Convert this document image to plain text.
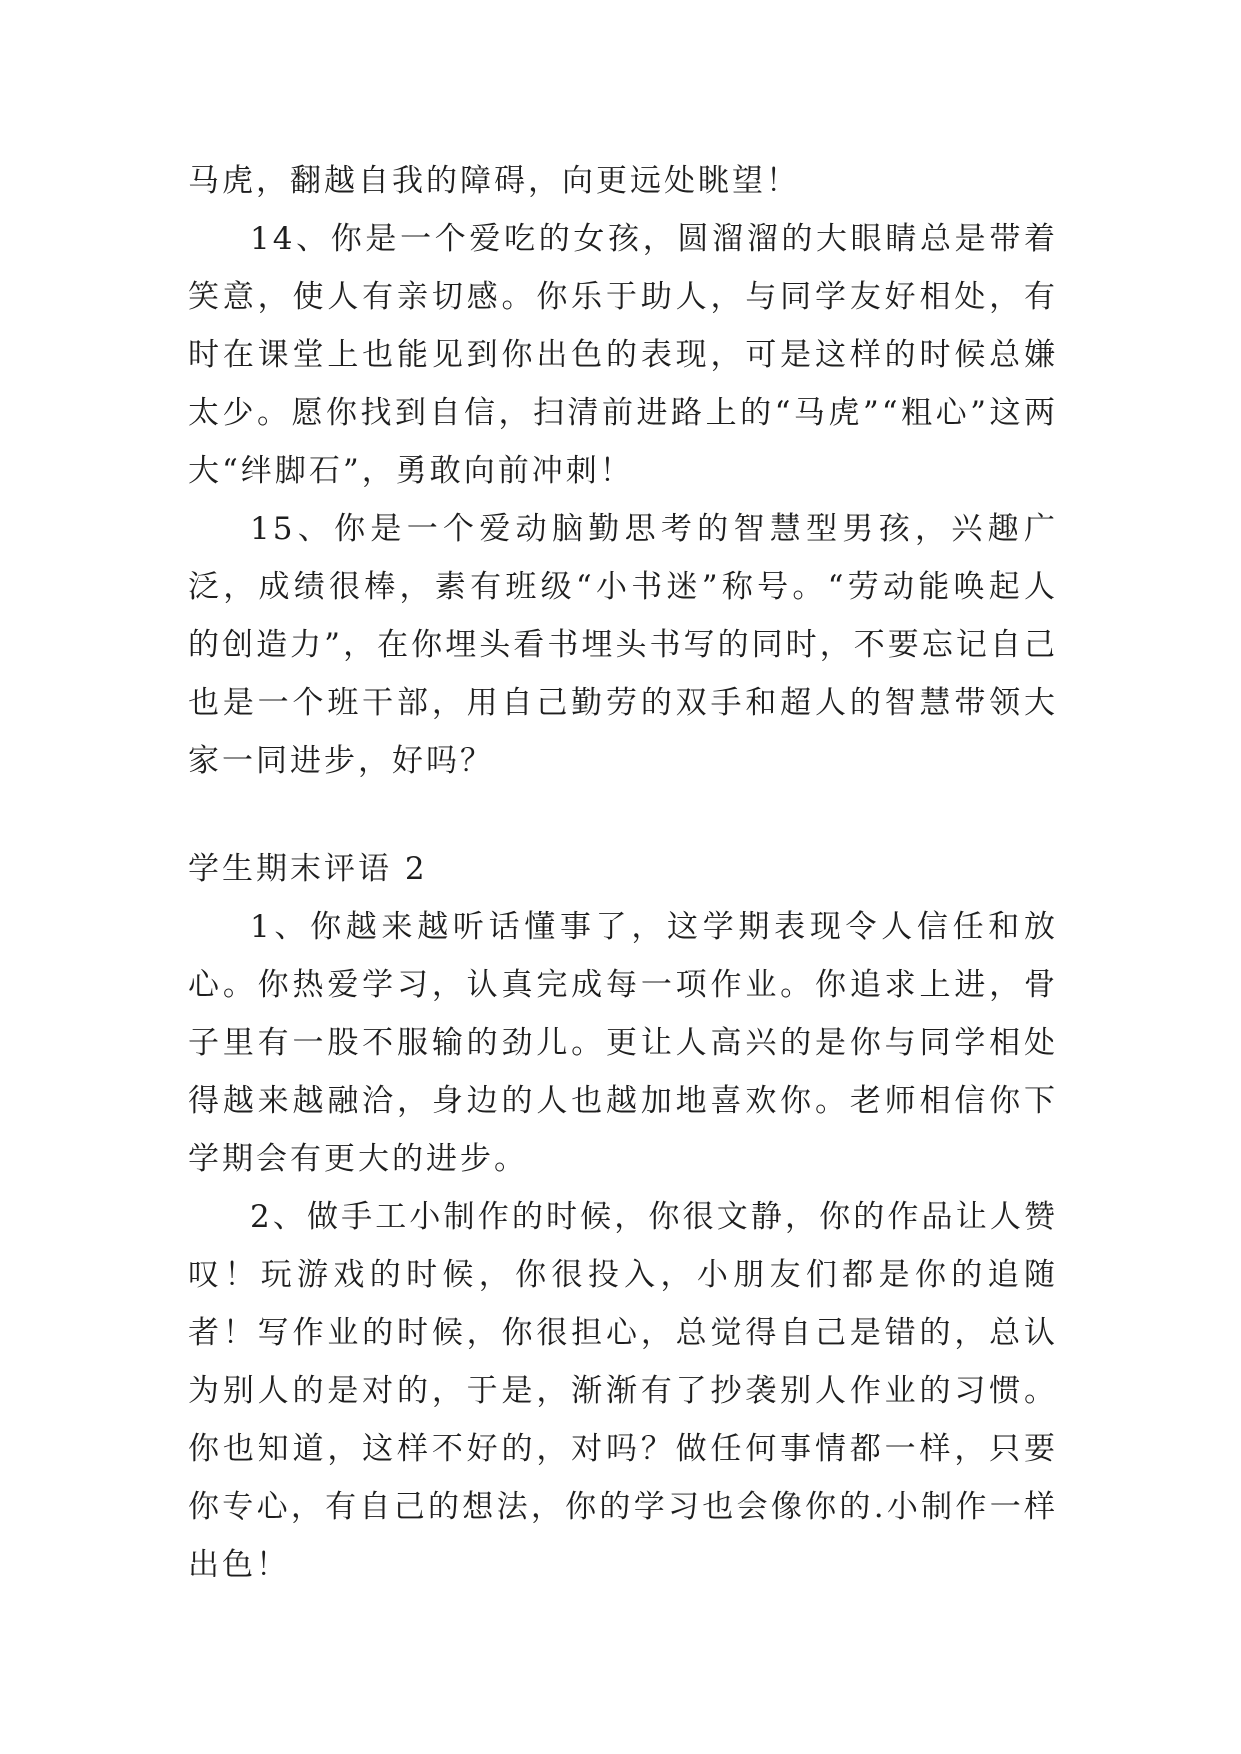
马虎，翻越自我的障碍，向更远处眺望！

14、你是一个爱吃的女孩，圆溜溜的大眼睛总是带着笑意，使人有亲切感。你乐于助人，与同学友好相处，有时在课堂上也能见到你出色的表现，可是这样的时候总嫌太少。愿你找到自信，扫清前进路上的“马虎”“粗心”这两大“绊脚石”，勇敢向前冲刺！

15、你是一个爱动脑勤思考的智慧型男孩，兴趣广泛，成绩很棒，素有班级“小书迷”称号。“劳动能唤起人的创造力”，在你埋头看书埋头书写的同时，不要忘记自己也是一个班干部，用自己勤劳的双手和超人的智慧带领大家一同进步，好吗？

学生期末评语 2

1、你越来越听话懂事了，这学期表现令人信任和放心。你热爱学习，认真完成每一项作业。你追求上进，骨子里有一股不服输的劲儿。更让人高兴的是你与同学相处得越来越融洽，身边的人也越加地喜欢你。老师相信你下学期会有更大的进步。

2、做手工小制作的时候，你很文静，你的作品让人赞叹！玩游戏的时候，你很投入，小朋友们都是你的追随者！写作业的时候，你很担心，总觉得自己是错的，总认为别人的是对的，于是，渐渐有了抄袭别人作业的习惯。你也知道，这样不好的，对吗？做任何事情都一样，只要你专心，有自己的想法，你的学习也会像你的.小制作一样出色！
